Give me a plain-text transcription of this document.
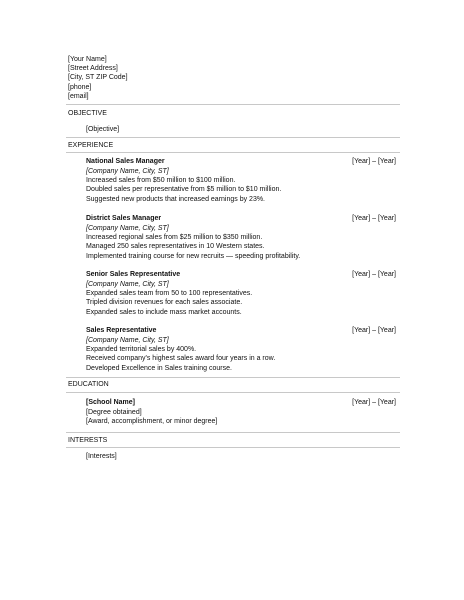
[Your Name]
[Street Address]
[City, ST ZIP Code]
[phone]
[email]
OBJECTIVE
[Objective]
EXPERIENCE
National Sales Manager	[Year] – [Year]
[Company Name, City, ST]
Increased sales from $50 million to $100 million.
Doubled sales per representative from $5 million to $10 million.
Suggested new products that increased earnings by 23%.
District Sales Manager	[Year] – [Year]
[Company Name, City, ST]
Increased regional sales from $25 million to $350 million.
Managed 250 sales representatives in 10 Western states.
Implemented training course for new recruits — speeding profitability.
Senior Sales Representative	[Year] – [Year]
[Company Name, City, ST]
Expanded sales team from 50 to 100 representatives.
Tripled division revenues for each sales associate.
Expanded sales to include mass market accounts.
Sales Representative	[Year] – [Year]
[Company Name, City, ST]
Expanded territorial sales by 400%.
Received company's highest sales award four years in a row.
Developed Excellence in Sales training course.
EDUCATION
[School Name]	[Year] – [Year]
[Degree obtained]
[Award, accomplishment, or minor degree]
INTERESTS
[Interests]
